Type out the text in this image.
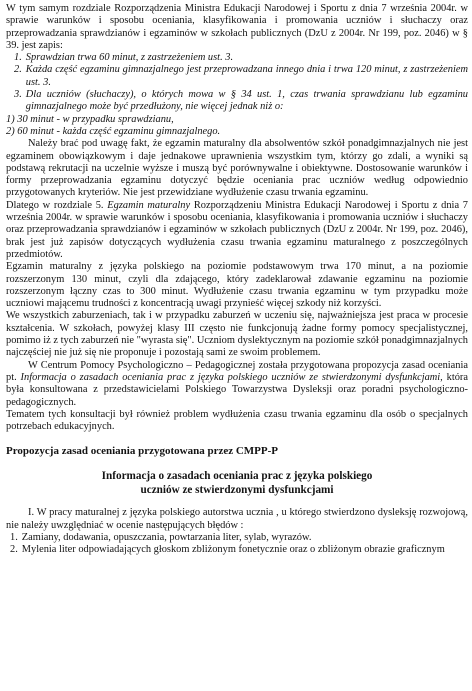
W tym samym rozdziale Rozporządzenia Ministra Edukacji Narodowej i Sportu z dnia 7 września 2004r. w sprawie warunków i sposobu oceniania, klasyfikowania i promowania uczniów i słuchaczy oraz przeprowadzania sprawdzianów i egzaminów w szkołach publicznych (DzU z 2004r. Nr 199, poz. 2046) w § 39. jest zapis:

1. Sprawdzian trwa 60 minut, z zastrzeżeniem ust. 3.
2. Każda część egzaminu gimnazjalnego jest przeprowadzana innego dnia i trwa 120 minut, z zastrzeżeniem ust. 3.
3. Dla uczniów (słuchaczy), o których mowa w § 34 ust. 1, czas trwania sprawdzianu lub egzaminu gimnazjalnego może być przedłużony, nie więcej jednak niż o:

1) 30 minut - w przypadku sprawdzianu,

2) 60 minut - każda część egzaminu gimnazjalnego.

Należy brać pod uwagę fakt, że egzamin maturalny dla absolwentów szkół ponadgimnazjalnych nie jest egzaminem obowiązkowym i daje jednakowe uprawnienia wszystkim tym, którzy go zdali, a wyniki są podstawą rekrutacji na uczelnie wyższe i muszą być porównywalne i obiektywne. Dostosowanie warunków i formy przeprowadzania egzaminu dotyczyć będzie oceniania prac uczniów według odpowiednio przygotowanych kryteriów. Nie jest przewidziane wydłużenie czasu trwania egzaminu.

Dlatego w rozdziale 5. Egzamin maturalny Rozporządzeniu Ministra Edukacji Narodowej i Sportu z dnia 7 września 2004r. w sprawie warunków i sposobu oceniania, klasyfikowania i promowania uczniów i słuchaczy oraz przeprowadzania sprawdzianów i egzaminów w szkołach publicznych (DzU z 2004r. Nr 199, poz. 2046), brak jest już zapisów dotyczących wydłużenia czasu trwania egzaminu maturalnego z poszczególnych przedmiotów.

Egzamin maturalny z języka polskiego na poziomie podstawowym trwa 170 minut, a na poziomie rozszerzonym 130 minut, czyli dla zdającego, który zadeklarował zdawanie egzaminu na poziomie rozszerzonym łączny czas to 300 minut. Wydłużenie czasu trwania egzaminu w tym przypadku może uczniowi mającemu trudności z koncentracją uwagi przynieść więcej szkody niż korzyści.

We wszystkich zaburzeniach, tak i w przypadku zaburzeń w uczeniu się, najważniejsza jest praca w procesie kształcenia. W szkołach, powyżej klasy III często nie funkcjonują żadne formy pomocy specjalistycznej, pomimo iż z tych zaburzeń nie "wyrasta się". Uczniom dyslektycznym na poziomie szkół ponadgimnazjalnych najczęściej nie już się nie proponuje i pozostają sami ze swoim problemem.

W Centrum Pomocy Psychologiczno – Pedagogicznej została przygotowana propozycja zasad oceniania pt. Informacja o zasadach oceniania prac z języka polskiego uczniów ze stwierdzonymi dysfunkcjami, która była konsultowana z przedstawicielami Polskiego Towarzystwa Dysleksji oraz poradni psychologiczno-pedagogicznych.

Tematem tych konsultacji był również problem wydłużenia czasu trwania egzaminu dla osób o specjalnych potrzebach edukacyjnych.

Propozycja zasad oceniania przygotowana przez CMPP-P

Informacja o zasadach oceniania prac z języka polskiego

uczniów ze stwierdzonymi dysfunkcjami

I. W pracy maturalnej z języka polskiego autorstwa ucznia , u którego stwierdzono dysleksję rozwojową, nie należy uwzględniać w ocenie następujących błędów :

1. Zamiany, dodawania, opuszczania, powtarzania liter, sylab, wyrazów.
2. Mylenia liter odpowiadających głoskom zbliżonym fonetycznie oraz o zbliżonym obrazie graficznym
